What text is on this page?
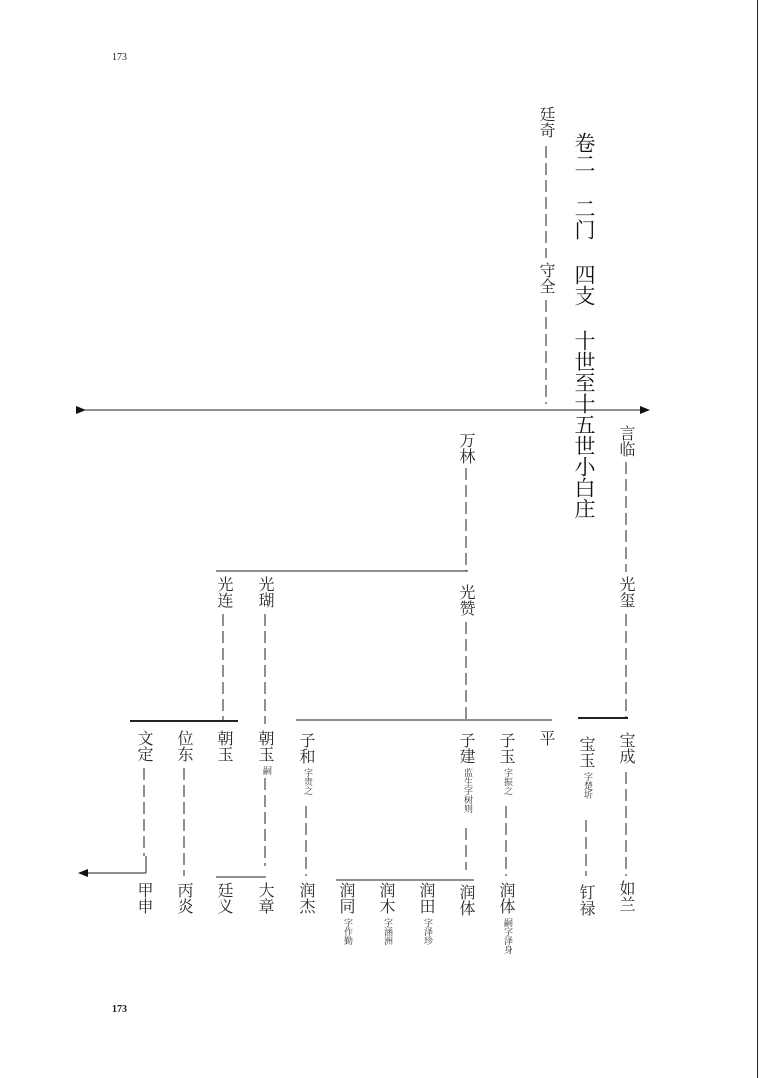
173
173
卷二 二门 四支 十世至十五世小白庄
廷奇
守全
言临
光玺
宝成
如兰
宝玉
字楚圻
钉禄
万林
光赞
平
子玉
字振之
润体
嗣字泽身
子建
监生字树则
润体
润田
字泽珍
润木
字涵洲
润同
字作勤
子和
字贵之
润杰
光瑚
朝玉
嗣
大章
光连
朝玉
廷义
位东
丙炎
文定
甲申
